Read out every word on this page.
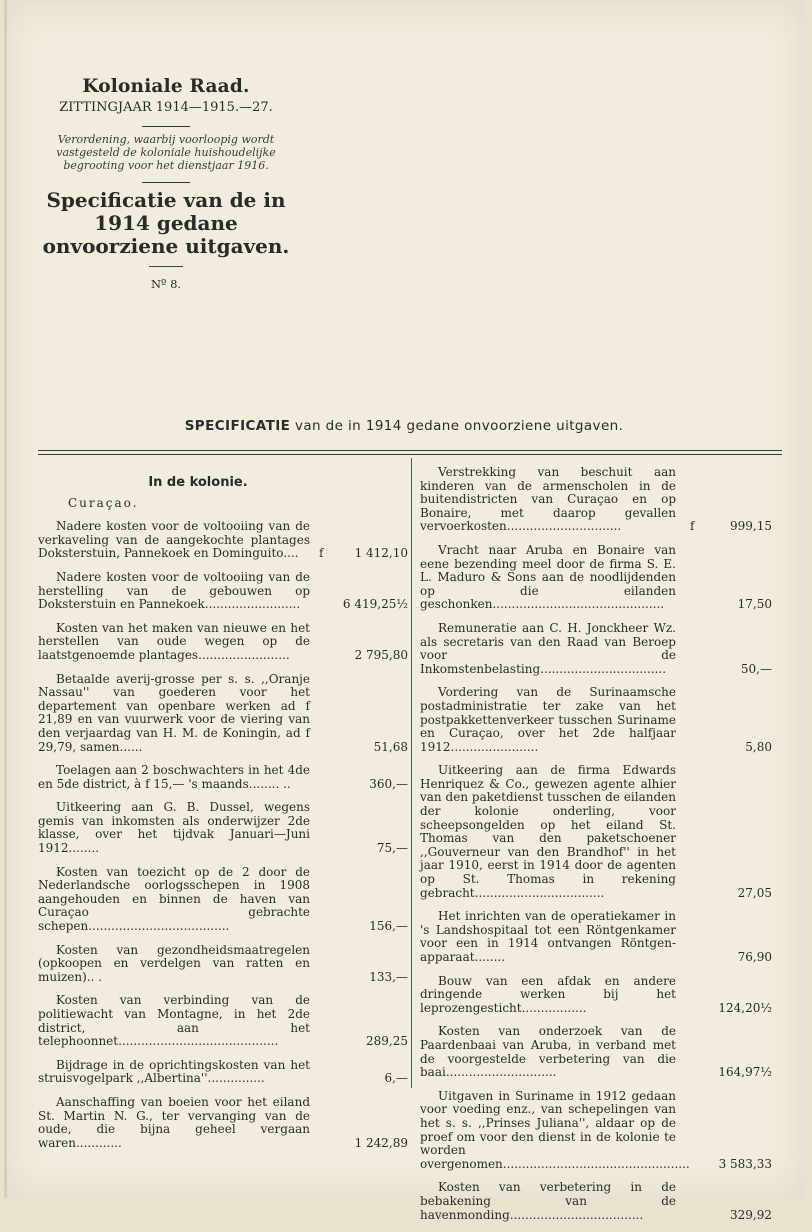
Koloniale Raad.
ZITTINGJAAR 1914—1915.—27.
Verordening, waarbij voorloopig wordt vastgesteld de koloniale huishoudelijke begrooting voor het dienstjaar 1916.
Specificatie van de in 1914 gedane onvoorziene uitgaven.
Nº 8.
SPECIFICATIE van de in 1914 gedane onvoorziene uitgaven.
In de kolonie.
Curaçao.
Nadere kosten voor de voltooiing van de verkaveling van de aangekochte plantages Doksterstuin, Pannekoek en Dominguito....	f	1 412,10
Nadere kosten voor de voltooiing van de herstelling van de gebouwen op Doksterstuin en Pannekoek.........................	6 419,25½
Kosten van het maken van nieuwe en het herstellen van oude wegen op de laatstgenoemde plantages........................	2 795,80
Betaalde averij-grosse per s. s. ,,Oranje Nassau'' van goederen voor het departement van openbare werken ad f 21,89 en van vuurwerk voor de viering van den verjaardag van H. M. de Koningin, ad f 29,79, samen......	51,68
Toelagen aan 2 boschwachters in het 4de en 5de district, à f 15,— 's maands........ ..	360,—
Uitkeering aan G. B. Dussel, wegens gemis van inkomsten als onderwijzer 2de klasse, over het tijdvak Januari—Juni 1912........	75,—
Kosten van toezicht op de 2 door de Nederlandsche oorlogsschepen in 1908 aangehouden en binnen de haven van Curaçao gebrachte schepen.....................................	156,—
Kosten van gezondheidsmaatregelen (opkoopen en verdelgen van ratten en muizen).. .	133,—
Kosten van verbinding van de politiewacht van Montagne, in het 2de district, aan het telephoonnet..........................................	289,25
Bijdrage in de oprichtingskosten van het struisvogelpark ,,Albertina''...............	6,—
Aanschaffing van boeien voor het eiland St. Martin N. G., ter vervanging van de oude, die bijna geheel vergaan waren............	1 242,89
Verstrekking van beschuit aan kinderen van de armenscholen in de buitendistricten van Curaçao en op Bonaire, met daarop gevallen vervoerkosten..............................	f	999,15
Vracht naar Aruba en Bonaire van eene bezending meel door de firma S. E. L. Maduro & Sons aan de noodlijdenden op die eilanden geschonken.............................................	17,50
Remuneratie aan C. H. Jonckheer Wz. als secretaris van den Raad van Beroep voor de Inkomstenbelasting.................................	50,—
Vordering van de Surinaamsche postadministratie ter zake van het postpakkettenverkeer tusschen Suriname en Curaçao, over het 2de halfjaar 1912.......................	5,80
Uitkeering aan de firma Edwards Henriquez & Co., gewezen agente alhier van den paketdienst tusschen de eilanden der kolonie onderling, voor scheepsongelden op het eiland St. Thomas van den paketschoener ,,Gouverneur van den Brandhof'' in het jaar 1910, eerst in 1914 door de agenten op St. Thomas in rekening gebracht..................................	27,05
Het inrichten van de operatiekamer in 's Landshospitaal tot een Röntgenkamer voor een in 1914 ontvangen Röntgen-apparaat........	76,90
Bouw van een afdak en andere dringende werken bij het leprozengesticht.................	124,20½
Kosten van onderzoek van de Paardenbaai van Aruba, in verband met de voorgestelde verbetering van die baai.............................	164,97½
Uitgaven in Suriname in 1912 gedaan voor voeding enz., van schepelingen van het s. s. ,,Prinses Juliana'', aldaar op de proef om voor den dienst in de kolonie te worden overgenomen.................................................	3 583,33
Kosten van verbetering in de bebakening van de havenmonding...................................	329,92
